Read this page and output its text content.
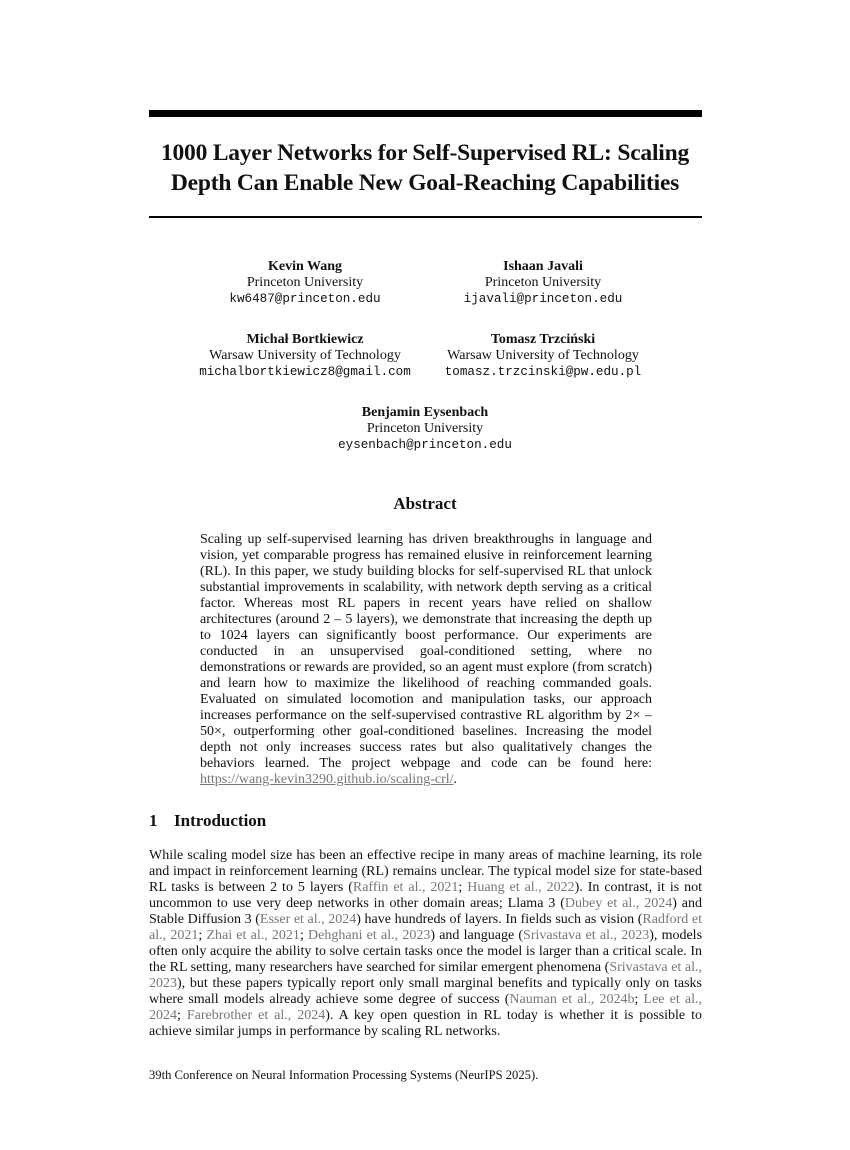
1000 Layer Networks for Self-Supervised RL: Scaling Depth Can Enable New Goal-Reaching Capabilities
Kevin Wang
Princeton University
kw6487@princeton.edu
Ishaan Javali
Princeton University
ijavali@princeton.edu
Michał Bortkiewicz
Warsaw University of Technology
michalbortkiewicz8@gmail.com
Tomasz Trzciński
Warsaw University of Technology
tomasz.trzcinski@pw.edu.pl
Benjamin Eysenbach
Princeton University
eysenbach@princeton.edu
Abstract
Scaling up self-supervised learning has driven breakthroughs in language and vision, yet comparable progress has remained elusive in reinforcement learning (RL). In this paper, we study building blocks for self-supervised RL that unlock substantial improvements in scalability, with network depth serving as a critical factor. Whereas most RL papers in recent years have relied on shallow architectures (around 2 – 5 layers), we demonstrate that increasing the depth up to 1024 layers can significantly boost performance. Our experiments are conducted in an unsupervised goal-conditioned setting, where no demonstrations or rewards are provided, so an agent must explore (from scratch) and learn how to maximize the likelihood of reaching commanded goals. Evaluated on simulated locomotion and manipulation tasks, our approach increases performance on the self-supervised contrastive RL algorithm by 2× – 50×, outperforming other goal-conditioned baselines. Increasing the model depth not only increases success rates but also qualitatively changes the behaviors learned. The project webpage and code can be found here: https://wang-kevin3290.github.io/scaling-crl/.
1 Introduction
While scaling model size has been an effective recipe in many areas of machine learning, its role and impact in reinforcement learning (RL) remains unclear. The typical model size for state-based RL tasks is between 2 to 5 layers (Raffin et al., 2021; Huang et al., 2022). In contrast, it is not uncommon to use very deep networks in other domain areas; Llama 3 (Dubey et al., 2024) and Stable Diffusion 3 (Esser et al., 2024) have hundreds of layers. In fields such as vision (Radford et al., 2021; Zhai et al., 2021; Dehghani et al., 2023) and language (Srivastava et al., 2023), models often only acquire the ability to solve certain tasks once the model is larger than a critical scale. In the RL setting, many researchers have searched for similar emergent phenomena (Srivastava et al., 2023), but these papers typically report only small marginal benefits and typically only on tasks where small models already achieve some degree of success (Nauman et al., 2024b; Lee et al., 2024; Farebrother et al., 2024). A key open question in RL today is whether it is possible to achieve similar jumps in performance by scaling RL networks.
39th Conference on Neural Information Processing Systems (NeurIPS 2025).
